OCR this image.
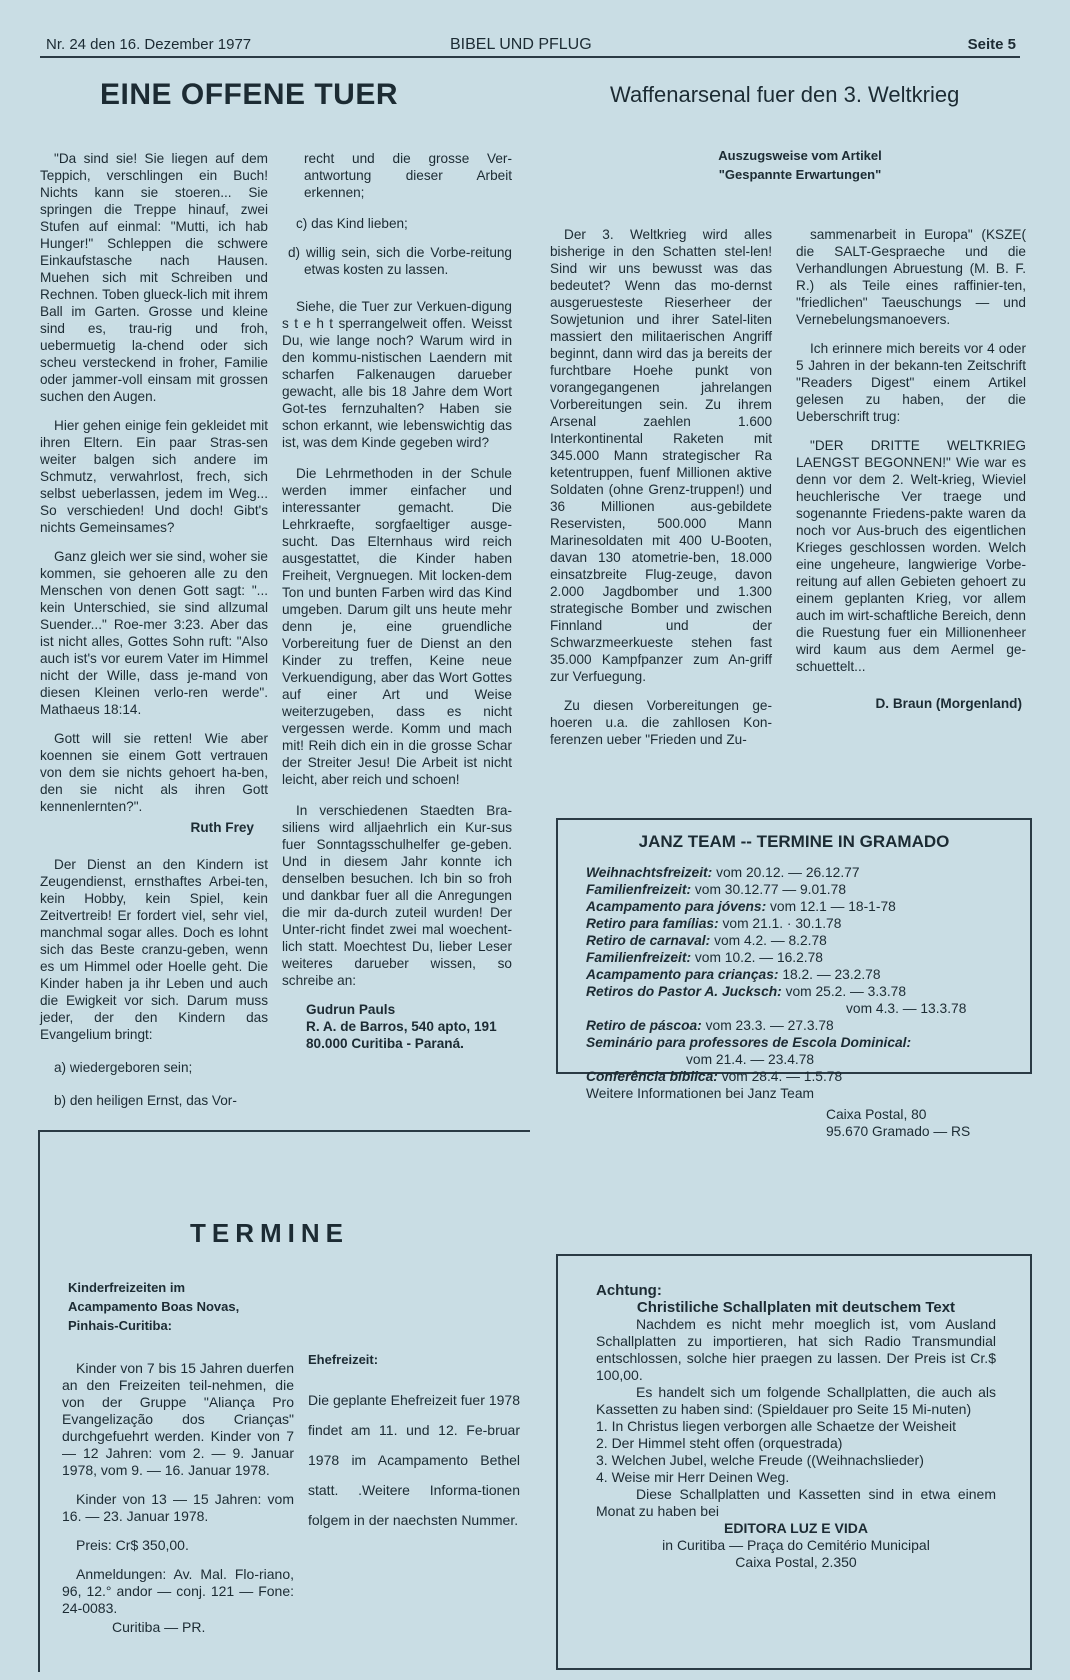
Nr. 24 den 16. Dezember 1977	BIBEL UND PFLUG	Seite 5
EINE OFFENE TUER

"Da sind sie! Sie liegen auf dem Teppich, verschlingen ein Buch! Nichts kann sie stoeren... Sie springen die Treppe hinauf, zwei Stufen auf einmal: "Mutti, ich hab Hunger!" Schleppen die schwere Einkaufstasche nach Hausen. Muehen sich mit Schreiben und Rechnen. Toben glueck-lich mit ihrem Ball im Garten. Grosse und kleine sind es, trau-rig und froh, uebermuetig la-chend oder sich scheu versteckend in froher, Familie oder jammer-voll einsam mit grossen suchen den Augen.

Hier gehen einige fein gekleidet mit ihren Eltern. Ein paar Stras-sen weiter balgen sich andere im Schmutz, verwahrlost, frech, sich selbst ueberlassen, jedem im Weg... So verschieden! Und doch! Gibt's nichts Gemeinsames?

Ganz gleich wer sie sind, woher sie kommen, sie gehoeren alle zu den Menschen von denen Gott sagt: "... kein Unterschied, sie sind allzumal Suender..." Roe-mer 3:23. Aber das ist nicht alles, Gottes Sohn ruft: "Also auch ist's vor eurem Vater im Himmel nicht der Wille, dass je-mand von diesen Kleinen verlo-ren werde". Mathaeus 18:14.

Gott will sie retten! Wie aber koennen sie einem Gott vertrauen von dem sie nichts gehoert ha-ben, den sie nicht als ihren Gott kennenlernten?".

Ruth Frey

Der Dienst an den Kindern ist Zeugendienst, ernsthaftes Arbei-ten, kein Hobby, kein Spiel, kein Zeitvertreib! Er fordert viel, sehr viel, manchmal sogar alles. Doch es lohnt sich das Beste cranzu-geben, wenn es um Himmel oder Hoelle geht. Die Kinder haben ja ihr Leben und auch die Ewigkeit vor sich. Darum muss jeder, der den Kindern das Evangelium bringt:

a) wiedergeboren sein;

b) den heiligen Ernst, das Vor-

recht und die grosse Ver-antwortung dieser Arbeit erkennen;

c) das Kind lieben;

d) willig sein, sich die Vorbe-reitung etwas kosten zu lassen.

Siehe, die Tuer zur Verkuen-digung s t e h t sperrangelweit offen. Weisst Du, wie lange noch? Warum wird in den kommu-nistischen Laendern mit scharfen Falkenaugen darueber gewacht, alle bis 18 Jahre dem Wort Got-tes fernzuhalten? Haben sie schon erkannt, wie lebenswichtig das ist, was dem Kinde gegeben wird?

Die Lehrmethoden in der Schule werden immer einfacher und interessanter gemacht. Die Lehrkraefte, sorgfaeltiger ausge-sucht. Das Elternhaus wird reich ausgestattet, die Kinder haben Freiheit, Vergnuegen. Mit locken-dem Ton und bunten Farben wird das Kind umgeben. Darum gilt uns heute mehr denn je, eine gruendliche Vorbereitung fuer de Dienst an den Kinder zu treffen, Keine neue Verkuendigung, aber das Wort Gottes auf einer Art und Weise weiterzugeben, dass es nicht vergessen werde. Komm und mach mit! Reih dich ein in die grosse Schar der Streiter Jesu! Die Arbeit ist nicht leicht, aber reich und schoen!

In verschiedenen Staedten Bra-siliens wird alljaehrlich ein Kur-sus fuer Sonntagsschulhelfer ge-geben. Und in diesem Jahr konnte ich denselben besuchen. Ich bin so froh und dankbar fuer all die Anregungen die mir da-durch zuteil wurden! Der Unter-richt findet zwei mal woechent-lich statt. Moechtest Du, lieber Leser weiteres darueber wissen, so schreibe an:

Gudrun Pauls
R. A. de Barros, 540 apto, 191
80.000 Curitiba - Paraná.
Waffenarsenal fuer den 3. Weltkrieg
Auszugsweise vom Artikel
"Gespannte Erwartungen"

Der 3. Weltkrieg wird alles bisherige in den Schatten stel-len! Sind wir uns bewusst was das bedeutet? Wenn das mo-dernst ausgeruesteste Rieserheer der Sowjetunion und ihrer Satel-liten massiert den militaerischen Angriff beginnt, dann wird das ja bereits der furchtbare Hoehe punkt von vorangegangenen jahrelangen Vorbereitungen sein. Zu ihrem Arsenal zaehlen 1.600 Interkontinental Raketen mit 345.000 Mann strategischer Ra ketentruppen, fuenf Millionen aktive Soldaten (ohne Grenz-truppen!) und 36 Millionen aus-gebildete Reservisten, 500.000 Mann Marinesoldaten mit 400 U-Booten, davan 130 atometrie-ben, 18.000 einsatzbreite Flug-zeuge, davon 2.000 Jagdbomber und 1.300 strategische Bomber und zwischen Finnland und der Schwarzmeerkueste stehen fast 35.000 Kampfpanzer zum An-griff zur Verfuegung.

Zu diesen Vorbereitungen ge-hoeren u.a. die zahllosen Kon-ferenzen ueber "Frieden und Zu-

sammenarbeit in Europa" (KSZE( die SALT-Gespraeche und die Verhandlungen Abruestung (M. B. F. R.) als Teile eines raffinier-ten, "friedlichen" Taeuschungs — und Vernebelungsmanoevers.

Ich erinnere mich bereits vor 4 oder 5 Jahren in der bekann-ten Zeitschrift "Readers Digest" einem Artikel gelesen zu haben, der die Ueberschrift trug:

"DER DRITTE WELTKRIEG LAENGST BEGONNEN!" Wie war es denn vor dem 2. Welt-krieg, Wieviel heuchlerische Ver traege und sogenannte Friedens-pakte waren da noch vor Aus-bruch des eigentlichen Krieges geschlossen worden. Welch eine ungeheure, langwierige Vorbe-reitung auf allen Gebieten gehoert zu einem geplanten Krieg, vor allem auch im wirt-schaftliche Bereich, denn die Ruestung fuer ein Millionenheer wird kaum aus dem Aermel ge-schuettelt...

D. Braun (Morgenland)
JANZ TEAM -- TERMINE IN GRAMADO
Weihnachtsfreizeit: vom 20.12. — 26.12.77
Familienfreizeit: vom 30.12.77 — 9.01.78
Acampamento para jóvens: vom 12.1 — 18-1-78
Retiro para famílias: vom 21.1. · 30.1.78
Retiro de carnaval: vom 4.2. — 8.2.78
Familienfreizeit: vom 10.2. — 16.2.78
Acampamento para crianças: 18.2. — 23.2.78
Retiros do Pastor A. Jucksch: vom 25.2. — 3.3.78
vom 4.3. — 13.3.78
Retiro de páscoa: vom 23.3. — 27.3.78
Seminário para professores de Escola Dominical:
vom 21.4. — 23.4.78
Conferência bíblica: vom 28.4. — 1.5.78
Weitere Informationen bei Janz Team
Caixa Postal, 80
95.670 Gramado — RS
TERMINE
Kinderfreizeiten im
Acampamento Boas Novas,
Pinhais-Curitiba:

Kinder von 7 bis 15 Jahren duerfen an den Freizeiten teil-nehmen, die von der Gruppe "Aliança Pro Evangelização dos Crianças" durchgefuehrt werden. Kinder von 7 — 12 Jahren: vom 2. — 9. Januar 1978, vom 9. — 16. Januar 1978.

Kinder von 13 — 15 Jahren: vom 16. — 23. Januar 1978.

Preis: Cr$ 350,00.

Anmeldungen: Av. Mal. Flo-riano, 96, 12.° andor — conj. 121 — Fone: 24-0083.

Curitiba — PR.

Ehefreizeit:
Die geplante Ehefreizeit fuer 1978 findet am 11. und 12. Fe-bruar 1978 im Acampamento Bethel statt. .Weitere Informa-tionen folgem in der naechsten Nummer.
Achtung:
Christiliche Schallplaten mit deutschem Text

Nachdem es nicht mehr moeglich ist, vom Ausland Schallplatten zu importieren, hat sich Radio Transmundial entschlossen, solche hier praegen zu lassen. Der Preis ist Cr.$ 100,00.

Es handelt sich um folgende Schallplatten, die auch als Kassetten zu haben sind: (Spieldauer pro Seite 15 Mi-nuten)

1. In Christus liegen verborgen alle Schaetze der Weisheit
2. Der Himmel steht offen (orquestrada)
3. Welchen Jubel, welche Freude ((Weihnachslieder)
4. Weise mir Herr Deinen Weg.

Diese Schallplatten und Kassetten sind in etwa einem Monat zu haben bei

EDITORA LUZ E VIDA
in Curitiba — Praça do Cemitério Municipal
Caixa Postal, 2.350
